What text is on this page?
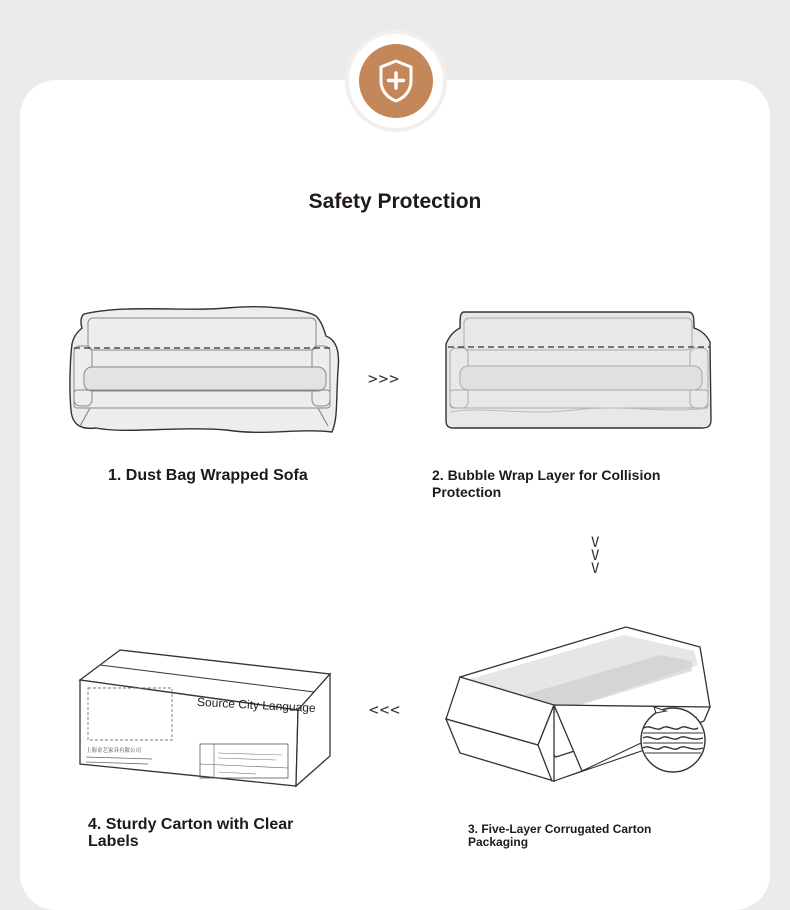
Safety Protection
>>>
1. Dust Bag Wrapped Sofa	2. Bubble Wrap Layer for Collision Protection
V
V
V
上海金艺家具有限公司
Source City Language	<<<
4. Sturdy Carton with Clear Labels
3. Five-Layer Corrugated Carton Packaging
